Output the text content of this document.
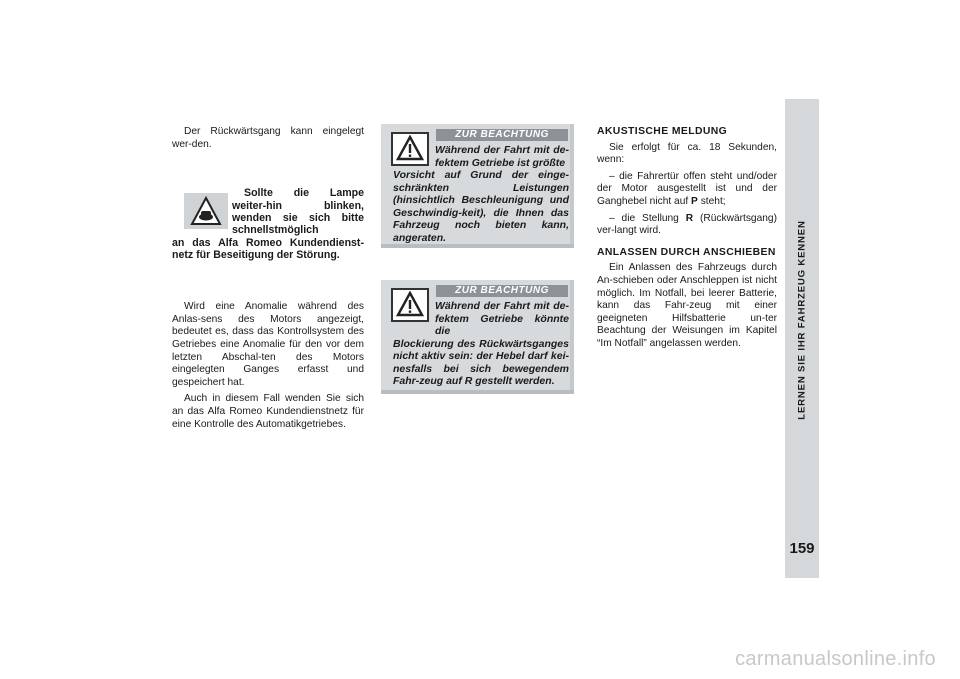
Der Rückwärtsgang kann eingelegt wer-den.

Sollte die Lampe weiter-hin blinken, wenden sie sich bitte schnellstmöglich
an das Alfa Romeo Kundendienst-netz für Beseitigung der Störung.

Wird eine Anomalie während des Anlas-sens des Motors angezeigt, bedeutet es, dass das Kontrollsystem des Getriebes eine Anomalie für den vor dem letzten Abschal-ten des Motors eingelegten Ganges erfasst und gespeichert hat.

Auch in diesem Fall wenden Sie sich an das Alfa Romeo Kundendienstnetz für eine Kontrolle des Automatikgetriebes.

ZUR BEACHTUNG

Während der Fahrt mit de-fektem Getriebe ist größte
Vorsicht auf Grund der einge-schränkten Leistungen (hinsichtlich Beschleunigung und Geschwindig-keit), die Ihnen das Fahrzeug noch bieten kann, angeraten.

ZUR BEACHTUNG

Während der Fahrt mit de-fektem Getriebe könnte die
Blockierung des Rückwärtsganges nicht aktiv sein: der Hebel darf kei-nesfalls bei sich bewegendem Fahr-zeug auf R gestellt werden.

AKUSTISCHE MELDUNG

Sie erfolgt für ca. 18 Sekunden, wenn:

– die Fahrertür offen steht und/oder der Motor ausgestellt ist und der Ganghebel nicht auf P steht;

– die Stellung R (Rückwärtsgang) ver-langt wird.

ANLASSEN DURCH ANSCHIEBEN

Ein Anlassen des Fahrzeugs durch An-schieben oder Anschleppen ist nicht möglich. Im Notfall, bei leerer Batterie, kann das Fahr-zeug mit einer geeigneten Hilfsbatterie un-ter Beachtung der Weisungen im Kapitel “Im Notfall” angelassen werden.	LERNEN SIE IHR FAHRZEUG KENNEN
159
carmanualsonline.info
